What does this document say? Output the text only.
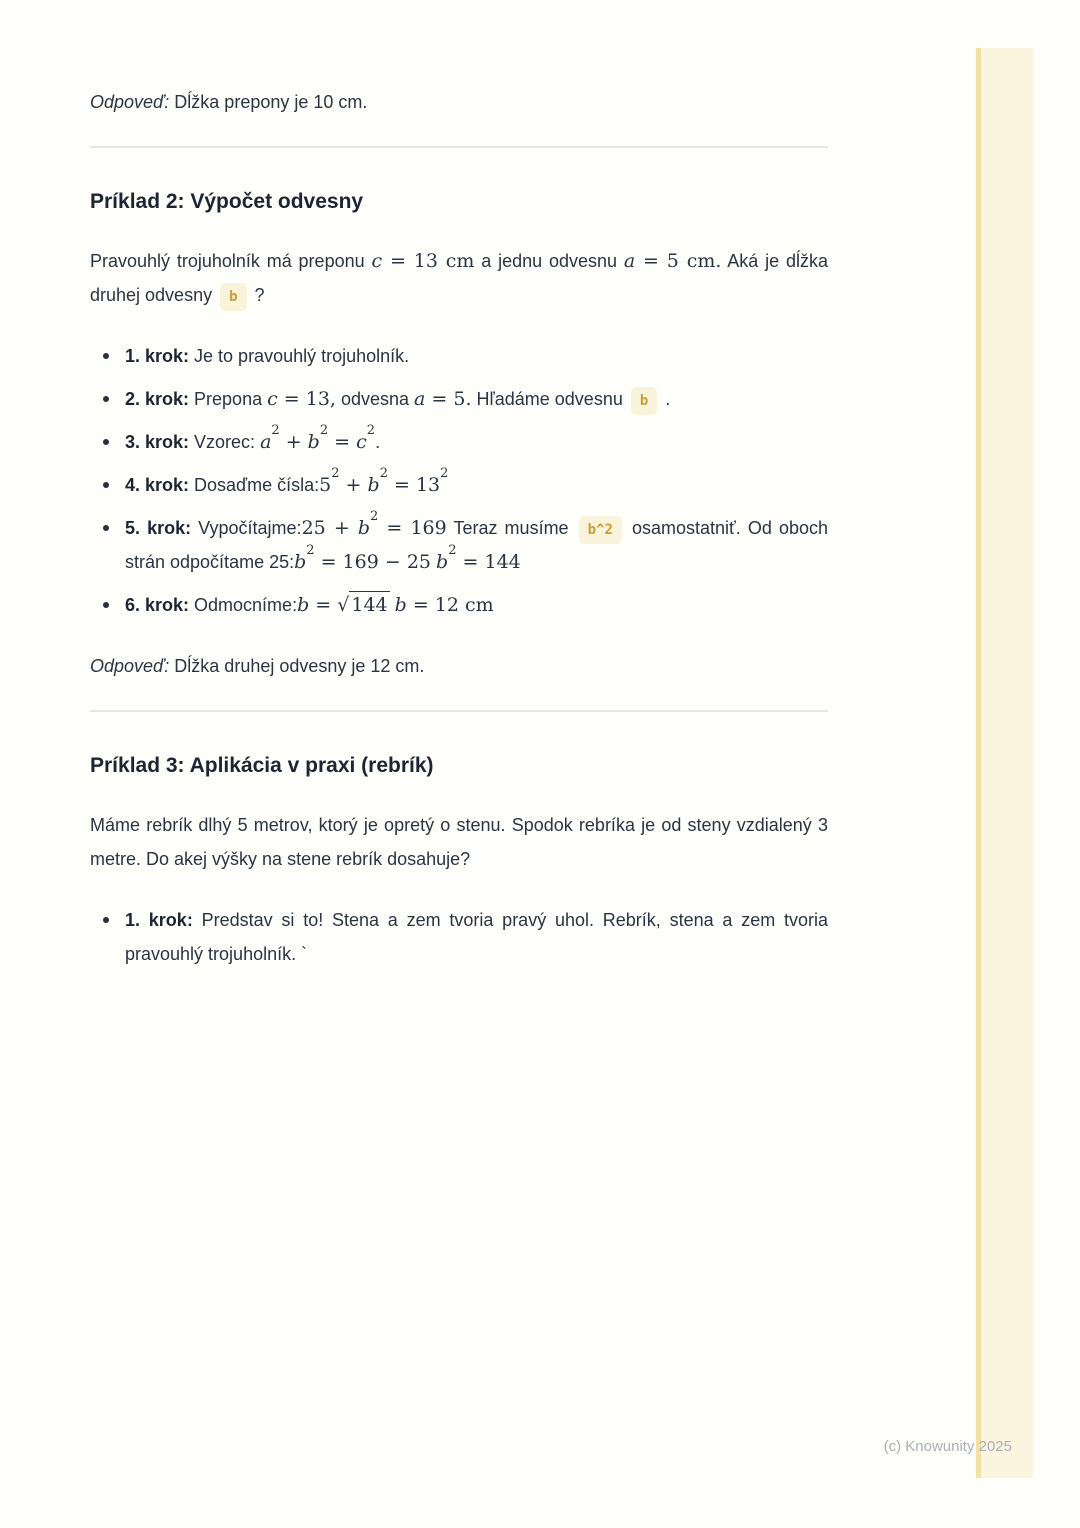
Odpoveď: Dĺžka prepony je 10 cm.

Príklad 2: Výpočet odvesny

Pravouhlý trojuholník má preponu c = 13 cm a jednu odvesnu a = 5 cm. Aká je dĺžka druhej odvesny b ?

1. krok: Je to pravouhlý trojuholník.
2. krok: Prepona c = 13, odvesna a = 5. Hľadáme odvesnu b .
3. krok: Vzorec: $a^2 + b^2 = c^2$.
4. krok: Dosaďme $čísla:5^2 + b^2 = 13^2$
5. krok: Vypočítajme:25 + $b^2 = 169$ Teraz musíme b^2 osamostatniť. Od oboch strán odpočítame $25:b^2 = 169 - 25$ $b^2 = 144$
6. krok: Odmocníme:b = √ 144 b = 12 cm

Odpoveď: Dĺžka druhej odvesny je 12 cm.

Príklad 3: Aplikácia v praxi (rebrík)

Máme rebrík dlhý 5 metrov, ktorý je opretý o stenu. Spodok rebríka je od steny vzdialený 3 metre. Do akej výšky na stene rebrík dosahuje?

1. krok: Predstav si to! Stena a zem tvoria pravý uhol. Rebrík, stena a zem tvoria pravouhlý trojuholník. `
(c) Knowunity 2025
